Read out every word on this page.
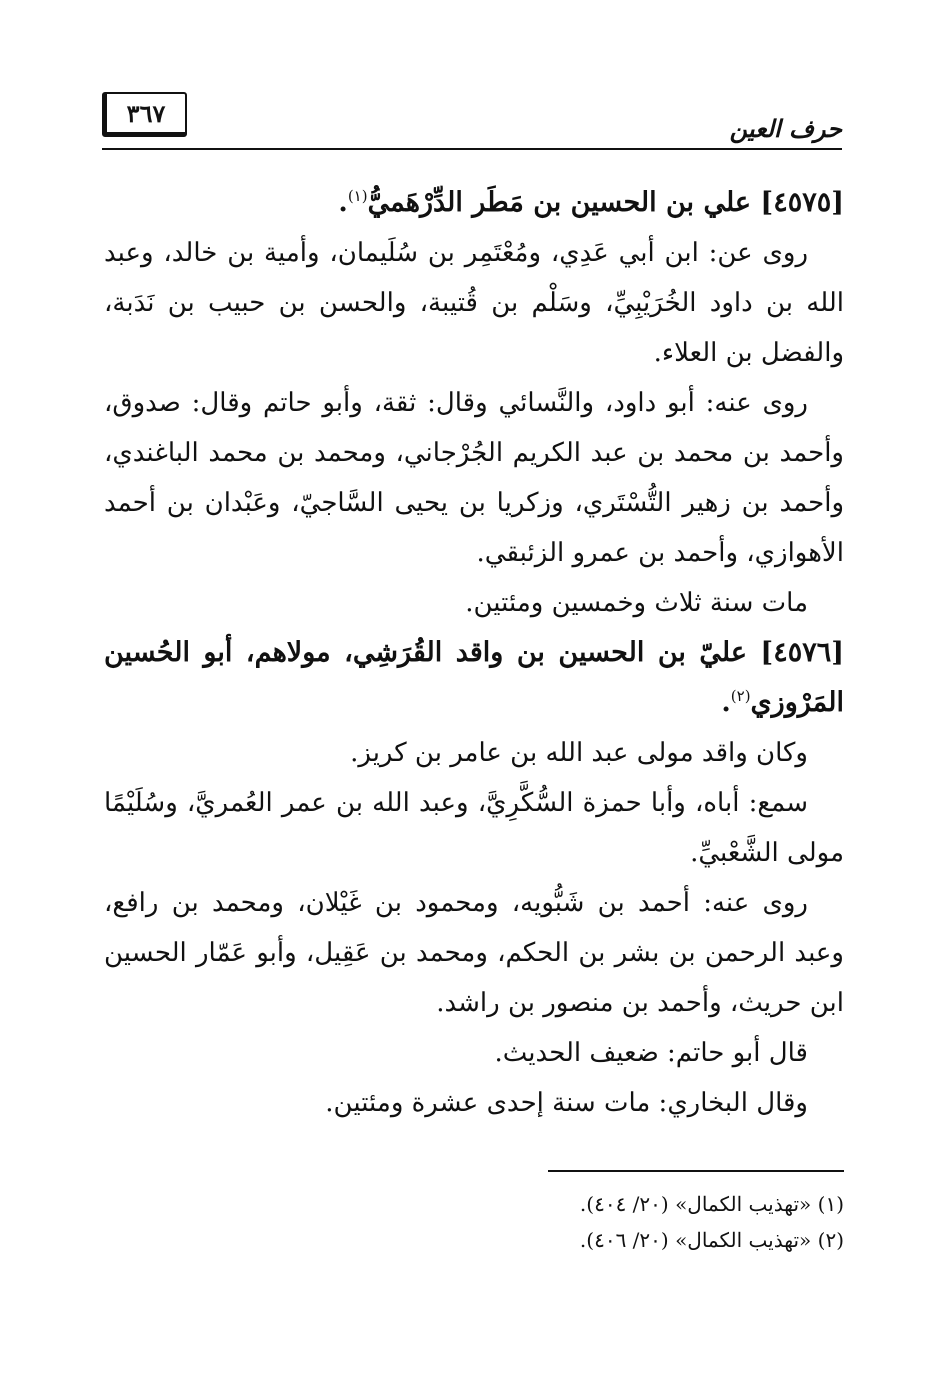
حرف العين
٣٦٧

[٤٥٧٥] علي بن الحسين بن مَطَر الدِّرْهَميُّ$^{(١)}$.

روى عن: ابن أبي عَدِي، ومُعْتَمِر بن سُلَيمان، وأمية بن خالد، وعبد الله بن داود الخُرَيْبِيِّ، وسَلْم بن قُتيبة، والحسن بن حبيب بن نَدَبة، والفضل بن العلاء.

روى عنه: أبو داود، والنَّسائي وقال: ثقة، وأبو حاتم وقال: صدوق، وأحمد بن محمد بن عبد الكريم الجُرْجاني، ومحمد بن محمد الباغندي، وأحمد بن زهير التُّسْتَري، وزكريا بن يحيى السَّاجيّ، وعَبْدان بن أحمد الأهوازي، وأحمد بن عمرو الزئبقي.

مات سنة ثلاث وخمسين ومئتين.

[٤٥٧٦] عليّ بن الحسين بن واقد القُرَشِي، مولاهم، أبو الحُسين المَرْوزي$^{(٢)}$.

وكان واقد مولى عبد الله بن عامر بن كريز.

سمع: أباه، وأبا حمزة السُّكَّرِيَّ، وعبد الله بن عمر العُمريَّ، وسُلَيْمًا مولى الشَّعْبيِّ.

روى عنه: أحمد بن شَبُّويه، ومحمود بن غَيْلان، ومحمد بن رافع، وعبد الرحمن بن بشر بن الحكم، ومحمد بن عَقِيل، وأبو عَمّار الحسين ابن حريث، وأحمد بن منصور بن راشد.

قال أبو حاتم: ضعيف الحديث.

وقال البخاري: مات سنة إحدى عشرة ومئتين.

(١) «تهذيب الكمال» (٢٠/ ٤٠٤).

(٢) «تهذيب الكمال» (٢٠/ ٤٠٦).
